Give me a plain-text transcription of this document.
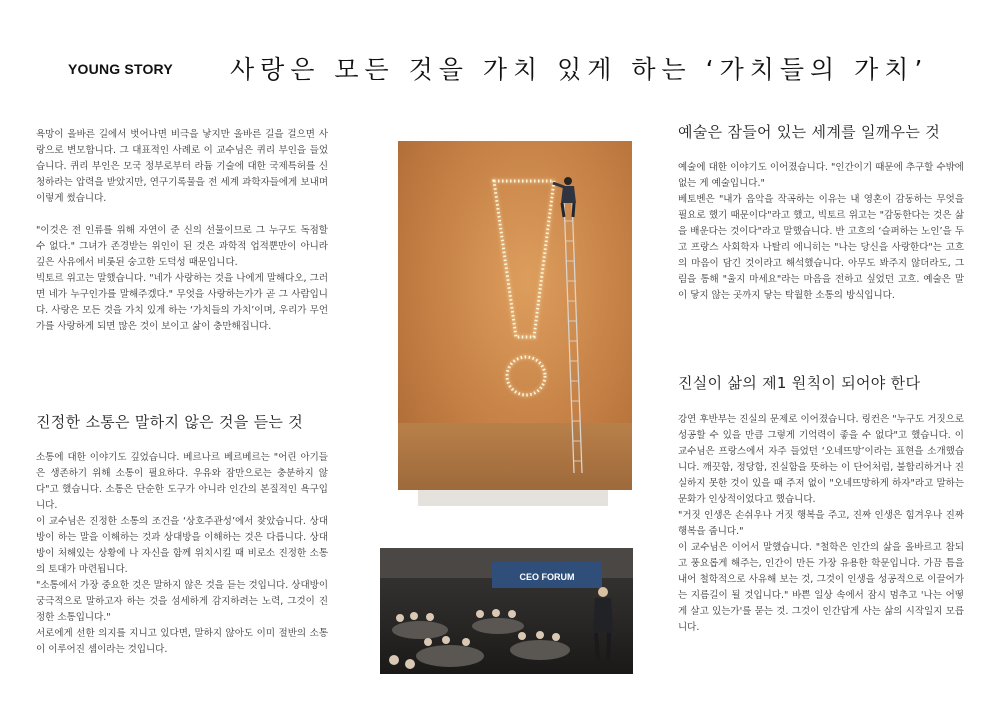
YOUNG STORY 사랑은 모든 것을 가치 있게 하는 ‘가치들의 가치’

욕망이 올바른 길에서 벗어나면 비극을 낳지만 올바른 길을 걸으면 사랑으로 변모합니다. 그 대표적인 사례로 이 교수님은 퀴리 부인을 들었습니다. 퀴리 부인은 모국 정부로부터 라듐 기술에 대한 국제특허를 신청하라는 압력을 받았지만, 연구기록물을 전 세계 과학자들에게 보내며 이렇게 썼습니다.

"이것은 전 인류를 위해 자연이 준 신의 선물이므로 그 누구도 독점할 수 없다." 그녀가 존경받는 위인이 된 것은 과학적 업적뿐만이 아니라 깊은 사유에서 비롯된 숭고한 도덕성 때문입니다.

빅토르 위고는 말했습니다. "네가 사랑하는 것을 나에게 말해다오, 그러면 네가 누구인가를 말해주겠다." 무엇을 사랑하는가가 곧 그 사람입니다. 사랑은 모든 것을 가치 있게 하는 ‘가치들의 가치’이며, 우리가 무언가를 사랑하게 되면 많은 것이 보이고 삶이 충만해집니다.

진정한 소통은 말하지 않은 것을 듣는 것

소통에 대한 이야기도 깊었습니다. 베르나르 베르베르는 "어린 아기들은 생존하기 위해 소통이 필요하다. 우유와 잠만으로는 충분하지 않다"고 했습니다. 소통은 단순한 도구가 아니라 인간의 본질적인 욕구입니다.

이 교수님은 진정한 소통의 조건을 ‘상호주관성’에서 찾았습니다. 상대방이 하는 말을 이해하는 것과 상대방을 이해하는 것은 다릅니다. 상대방이 처해있는 상황에 나 자신을 함께 위치시킬 때 비로소 진정한 소통의 토대가 마련됩니다.

"소통에서 가장 중요한 것은 말하지 않은 것을 듣는 것입니다. 상대방이 궁극적으로 말하고자 하는 것을 섬세하게 감지하려는 노력, 그것이 진정한 소통입니다."

서로에게 선한 의지를 지니고 있다면, 말하지 않아도 이미 절반의 소통이 이루어진 셈이라는 것입니다.

CEO FORUM
예술은 잠들어 있는 세계를 일깨우는 것

예술에 대한 이야기도 이어졌습니다. "인간이기 때문에 추구할 수밖에 없는 게 예술입니다."

베토벤은 "내가 음악을 작곡하는 이유는 내 영혼이 감동하는 무엇을 필요로 했기 때문이다"라고 했고, 빅토르 위고는 "감동한다는 것은 삶을 배운다는 것이다"라고 말했습니다. 반 고흐의 ‘슬퍼하는 노인’을 두고 프랑스 사회학자 나탈리 에니히는 "나는 당신을 사랑한다"는 고흐의 마음이 담긴 것이라고 해석했습니다. 아무도 봐주지 않더라도, 그림을 통해 "울지 마세요"라는 마음을 전하고 싶었던 고흐. 예술은 말이 닿지 않는 곳까지 닿는 탁월한 소통의 방식입니다.

진실이 삶의 제1 원칙이 되어야 한다

강연 후반부는 진실의 문제로 이어졌습니다. 링컨은 "누구도 거짓으로 성공할 수 있을 만큼 그렇게 기억력이 좋을 수 없다"고 했습니다. 이 교수님은 프랑스에서 자주 들었던 ‘오네뜨망’이라는 표현을 소개했습니다. 깨끗함, 정당함, 진실함을 뜻하는 이 단어처럼, 불합리하거나 진실하지 못한 것이 있을 때 주저 없이 "오네뜨망하게 하자"라고 말하는 문화가 인상적이었다고 했습니다.

"거짓 인생은 손쉬우나 거짓 행복을 주고, 진짜 인생은 힘겨우나 진짜 행복을 줍니다."

이 교수님은 이어서 말했습니다. "철학은 인간의 삶을 올바르고 참되고 풍요롭게 해주는, 인간이 만든 가장 유용한 학문입니다. 가끔 틈을 내어 철학적으로 사유해 보는 것, 그것이 인생을 성공적으로 이끌어가는 지름길이 될 것입니다." 바쁜 일상 속에서 잠시 멈추고 '나는 어떻게 살고 있는가'를 묻는 것. 그것이 인간답게 사는 삶의 시작일지 모릅니다.
